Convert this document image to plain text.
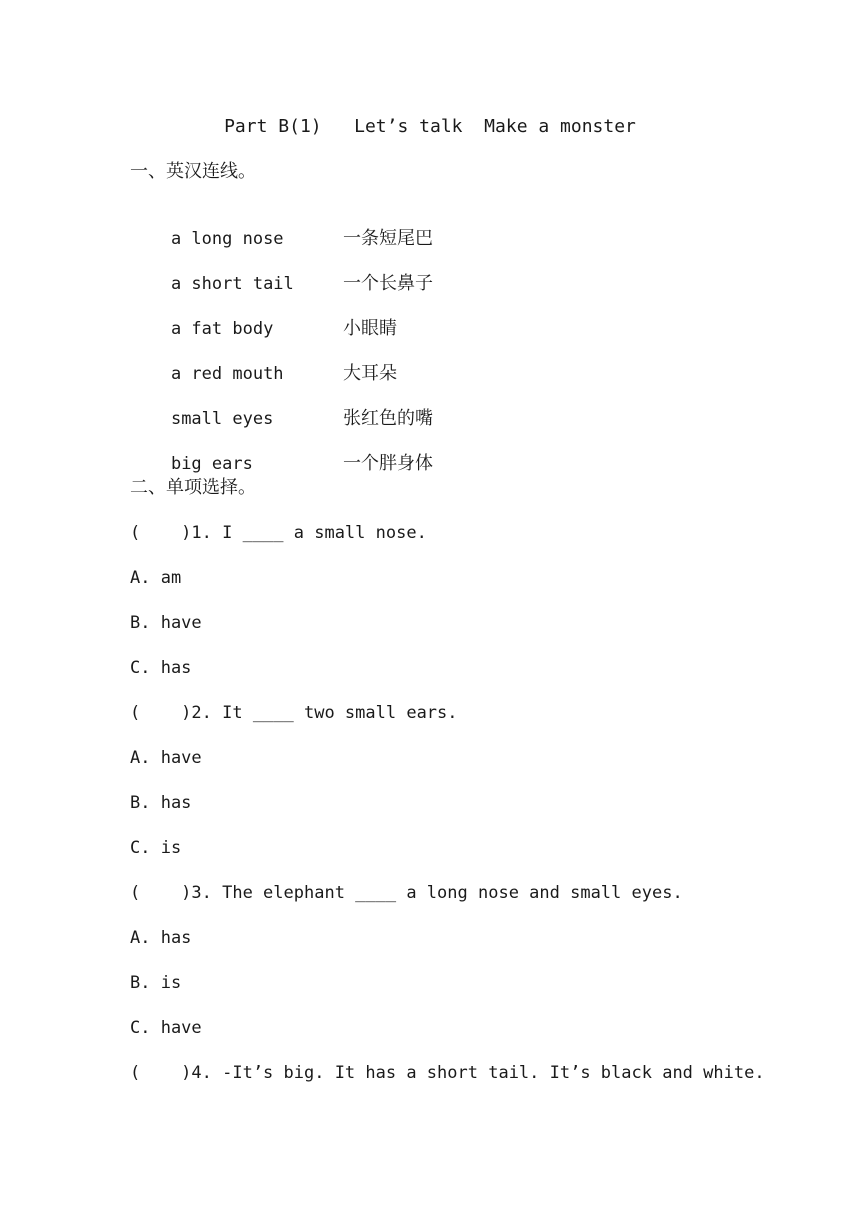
Part B(1)   Let’s talk  Make a monster
一、英汉连线。

a long nose	一条短尾巴

a short tail	一个长鼻子

a fat body	小眼睛

a red mouth	大耳朵

small eyes	张红色的嘴

big ears	一个胖身体

二、单项选择。
(    )1. I ____ a small nose.
A. am
B. have
C. has
(    )2. It ____ two small ears.
A. have
B. has
C. is
(    )3. The elephant ____ a long nose and small eyes.
A. has
B. is
C. have
(    )4. -It’s big. It has a short tail. It’s black and white.
